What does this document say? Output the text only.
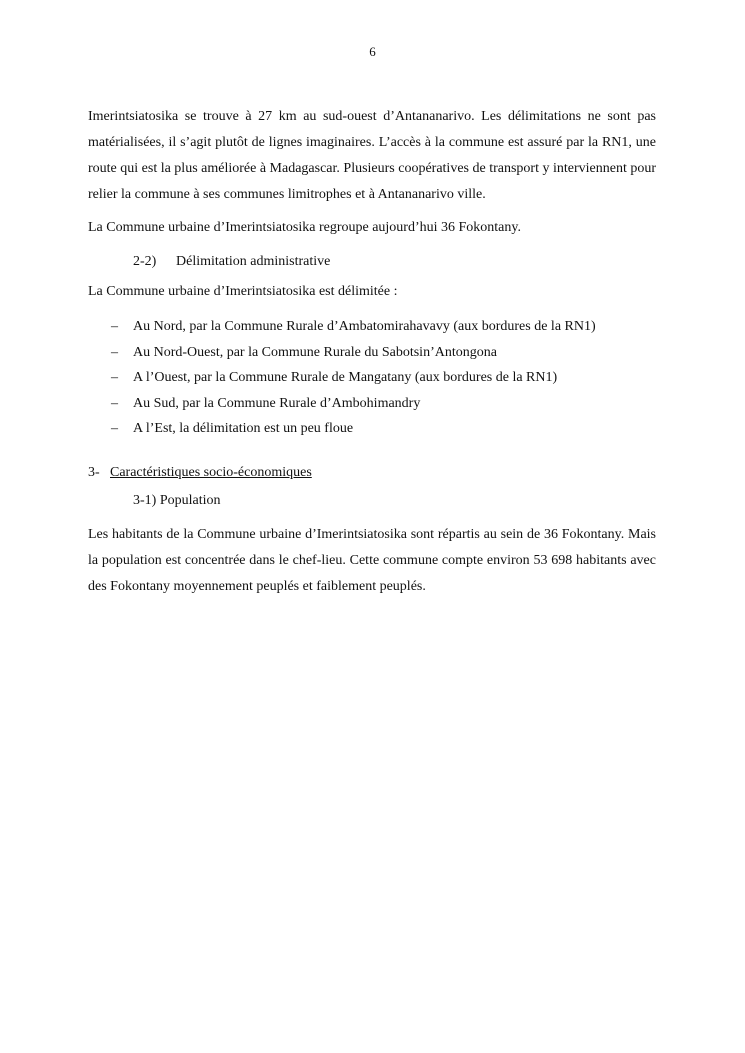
6

Imerintsiatosika se trouve à 27 km au sud-ouest d’Antananarivo. Les délimitations ne sont pas matérialisées, il s’agit plutôt de lignes imaginaires. L’accès à la commune est assuré par la RN1, une route qui est la plus améliorée à Madagascar. Plusieurs coopératives de transport y interviennent pour relier la commune à ses communes limitrophes et à Antananarivo ville.

La Commune urbaine d’Imerintsiatosika regroupe aujourd’hui 36 Fokontany.

2-2) Délimitation administrative

La Commune urbaine d’Imerintsiatosika est délimitée :

– Au Nord, par la Commune Rurale d’Ambatomirahavavy (aux bordures de la RN1)
– Au Nord-Ouest, par la Commune Rurale du Sabotsin’Antongona
– A l’Ouest, par la Commune Rurale de Mangatany (aux bordures de la RN1)
– Au Sud, par la Commune Rurale d’Ambohimandry
– A l’Est, la délimitation est un peu floue
3- Caractéristiques socio-économiques
3-1) Population

Les habitants de la Commune urbaine d’Imerintsiatosika sont répartis au sein de 36 Fokontany. Mais la population est concentrée dans le chef-lieu. Cette commune compte environ 53 698 habitants avec des Fokontany moyennement peuplés et faiblement peuplés.
